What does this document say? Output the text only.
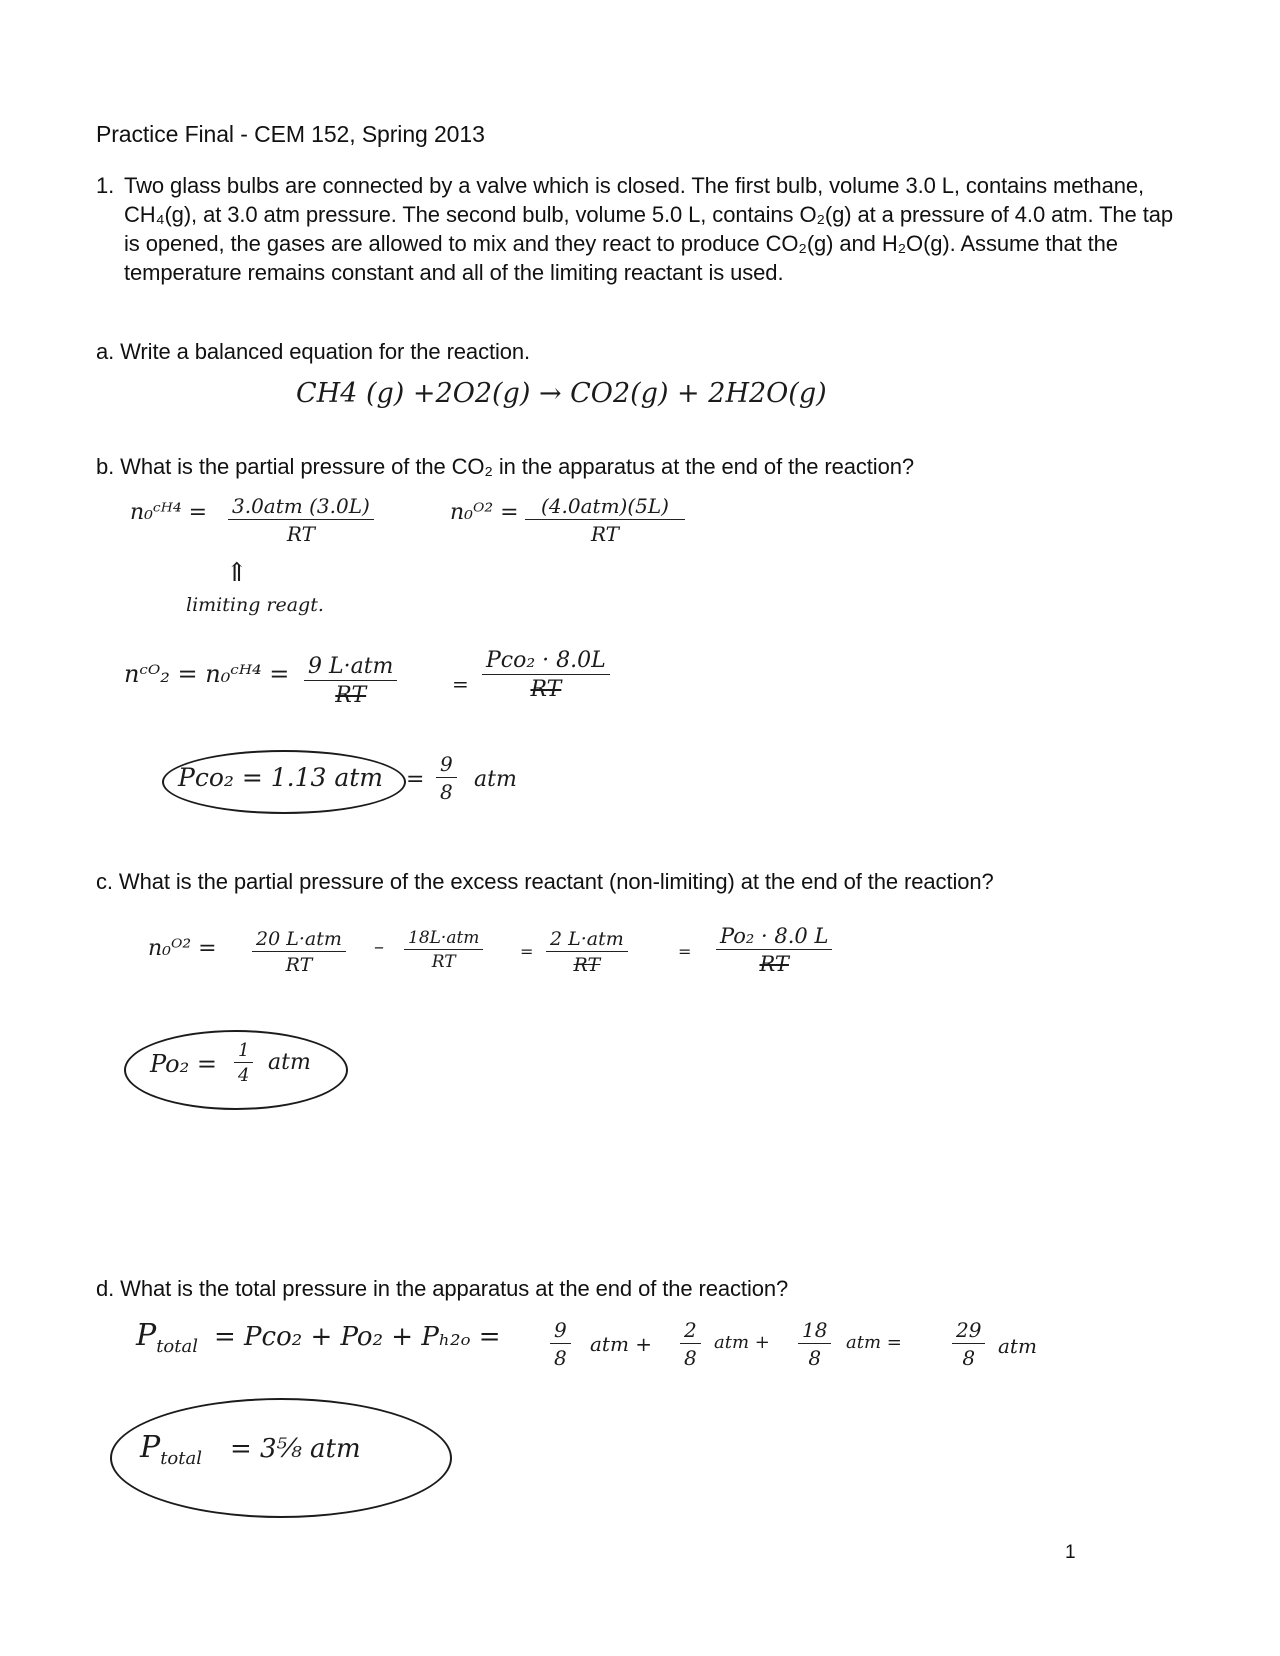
Practice Final - CEM 152, Spring 2013
1. Two glass bulbs are connected by a valve which is closed. The first bulb, volume 3.0 L, contains methane, CH₄(g), at 3.0 atm pressure. The second bulb, volume 5.0 L, contains O₂(g) at a pressure of 4.0 atm. The tap is opened, the gases are allowed to mix and they react to produce CO₂(g) and H₂O(g). Assume that the temperature remains constant and all of the limiting reactant is used.
a. Write a balanced equation for the reaction.
CH4 (g) +2O2(g) → CO2(g) + 2H2O(g)
b. What is the partial pressure of the CO₂ in the apparatus at the end of the reaction?
n₀ᶜᴴ⁴ = 3.0atm (3.0L)
RT
n₀ᴼ² =	(4.0atm)(5L)
RT
⇑
limiting reagt.
nᶜᴼ₂ = n₀ᶜᴴ⁴ = 9 L·atm
RT	=
Pco₂ · 8.0L
RT
Pco₂ = 1.13 atm = $\frac{9}{8}$ atm
c. What is the partial pressure of the excess reactant (non-limiting) at the end of the reaction?
n₀ᴼ² = 20 L·atm
RT
– 18L·atm
RT
=
2 L·atm
RT
= $\frac{\text{Po₂ · 8.0 L}}{RT}$
$Po_2 = \frac{1}{4}$ atm
d. What is the total pressure in the apparatus at the end of the reaction?
$P_{total} = Pco_2 + Po_2 + P_{h2o} = \frac{9}{8}$ atm + $\frac{2}{8}$ atm + $\frac{18}{8}$ atm =	$\frac{29}{8}$ atm
$P_{total}$ = 3⁵⁄₈ atm
1
